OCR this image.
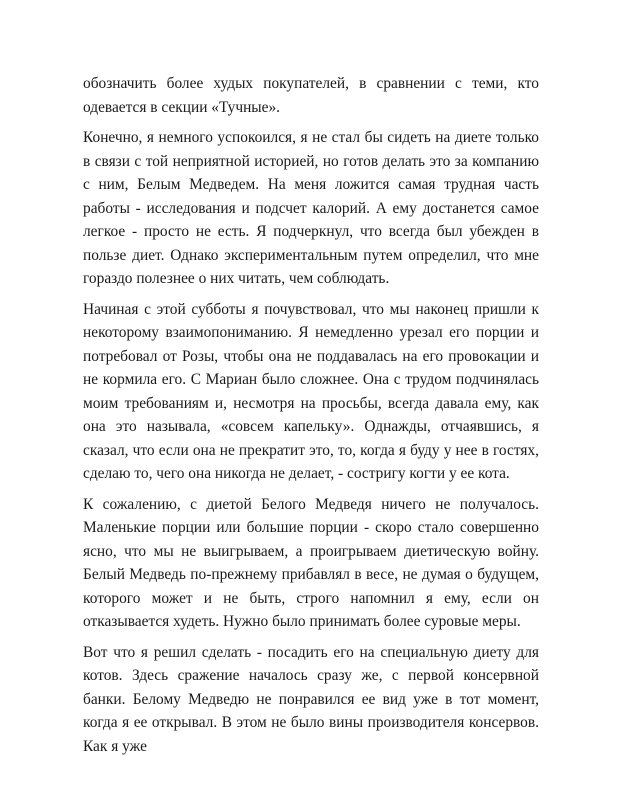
обозначить более худых покупателей, в сравнении с теми, кто одевается в секции «Тучные».

Конечно, я немного успокоился, я не стал бы сидеть на диете только в связи с той неприятной историей, но готов делать это за компанию с ним, Белым Медведем. На меня ложится самая трудная часть работы - исследования и подсчет калорий. А ему достанется самое легкое - просто не есть. Я подчеркнул, что всегда был убежден в пользе диет. Однако экспериментальным путем определил, что мне гораздо полезнее о них читать, чем соблюдать.

Начиная с этой субботы я почувствовал, что мы наконец пришли к некоторому взаимопониманию. Я немедленно урезал его порции и потребовал от Розы, чтобы она не поддавалась на его провокации и не кормила его. С Мариан было сложнее. Она с трудом подчинялась моим требованиям и, несмотря на просьбы, всегда давала ему, как она это называла, «совсем капельку». Однажды, отчаявшись, я сказал, что если она не прекратит это, то, когда я буду у нее в гостях, сделаю то, чего она никогда не делает, - состригу когти у ее кота.

К сожалению, с диетой Белого Медведя ничего не получалось. Маленькие порции или большие порции - скоро стало совершенно ясно, что мы не выигрываем, а проигрываем диетическую войну. Белый Медведь по-прежнему прибавлял в весе, не думая о будущем, которого может и не быть, строго напомнил я ему, если он отказывается худеть. Нужно было принимать более суровые меры.

Вот что я решил сделать - посадить его на специальную диету для котов. Здесь сражение началось сразу же, с первой консервной банки. Белому Медведю не понравился ее вид уже в тот момент, когда я ее открывал. В этом не было вины производителя консервов. Как я уже
